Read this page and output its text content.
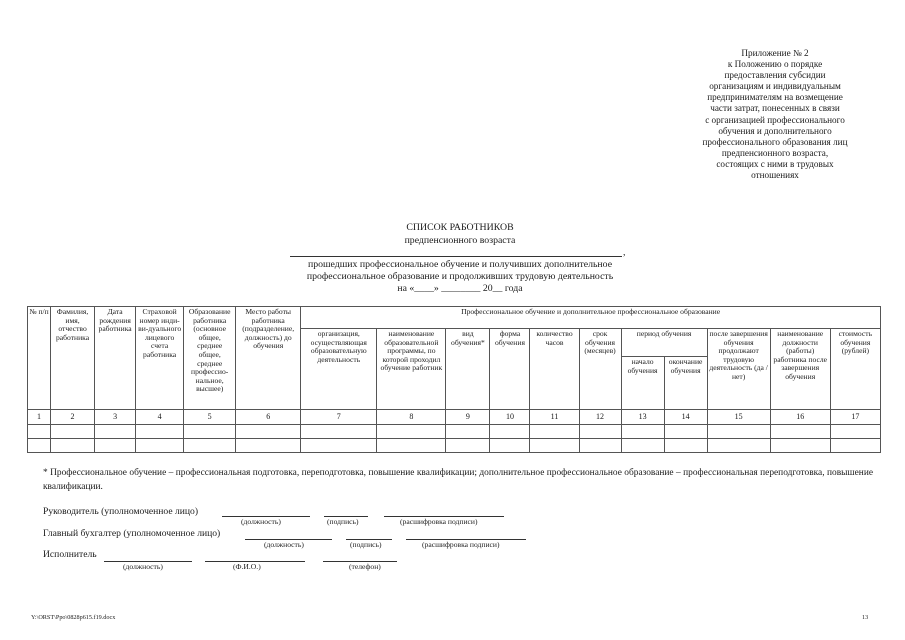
Приложение № 2
к Положению о порядке
предоставления субсидии
организациям и индивидуальным
предпринимателям на возмещение
части затрат, понесенных в связи
с организацией профессионального
обучения и дополнительного
профессионального образования лиц
предпенсионного возраста,
состоящих с ними в трудовых
отношениях
СПИСОК РАБОТНИКОВ
предпенсионного возраста
,
прошедших профессиональное обучение и получивших дополнительное
профессиональное образование и продолживших трудовую деятельность
на «____» ________ 20__ года
№ п/п	Фамилия, имя, отчество работника	Дата рождения работника	Страховой номер инди-ви-дуального лицевого счета работника	Образование работника (основное общее, среднее общее, среднее профессио-нальное, высшее)	Место работы работника (подразделение, должность) до обучения	Профессиональное обучение и дополнительное профессиональное образование										
						организация, осуществляющая образовательную деятельность	наименование образовательной программы, по которой проходил обучение работник	вид обучения*	форма обучения	количество часов	срок обучения (месяцев)	период обучения		после завершения обучения продолжают трудовую деятельность (да / нет)	наименование должности (работы) работника после завершения обучения	стоимость обучения (рублей)
												начало обучения	окончание обучения			
1	2	3	4	5	6	7	8	9	10	11	12	13	14	15	16	17

* Профессиональное обучение – профессиональная подготовка, переподготовка, повышение квалификации; дополнительное профессиональное образование – профессиональная переподготовка, повышение квалификации.
Руководитель (уполномоченное лицо)
(должность)	(подпись)	(расшифровка подписи)
Главный бухгалтер (уполномоченное лицо)
(должность)	(подпись)	(расшифровка подписи)
Исполнитель
(должность)	(Ф.И.О.)	(телефон)
Y:\ORST\Ppo\0828p615.f19.docx	13
